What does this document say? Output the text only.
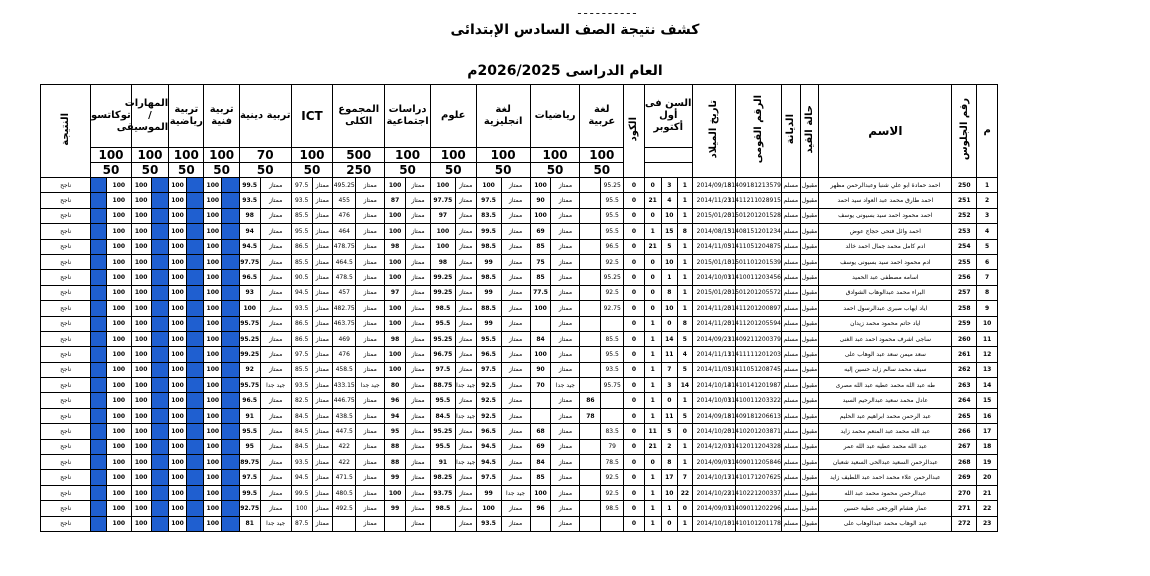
ـ ـ ـ ـ ـ ـ ـ ـ ـ ـ
كشف نتيجة الصف السادس الإبتدائى
العام الدراسى 2026/2025م
م	رقم الجلوس	الاسم	حالة القيد	الديانة	الرقم القومى	تاريخ الميلاد	السن فى أول أكتوبر			الكود	لغة عربية		رياضيات		لغة انجليزية		علوم		دراسات اجتماعية		المجموع الكلى		ICT		تربية دينية		تربية فنية		تربية رياضية		المهارات / الموسيقى		توكاتسو		النتيجة
											100		100		100		100		100		500		100		70		100		100		100		100		
											50		50		50		50		50		250		50		50		50		50		50		50		
1	250	احمد حمادة ابو علي شنبا وعبدالرحمن مظهر	مقبول	مسلم	31409181213579	2014/09/18	1	3	0	0	95.25		ممتاز	100	ممتاز	100	ممتاز	100	ممتاز	100	ممتاز	495.25	ممتاز	97.5	ممتاز	99.5		100		100		100	100		ناجح
2	251	احمد طارق محمد عبد العواد سيد احمد	مقبول	مسلم	31411211028915	2014/11/21	1	4	21	0	95.5		ممتاز	90	ممتاز	97.5	ممتاز	97.75	ممتاز	87	ممتاز	455	ممتاز	93.5	ممتاز	93.5		100		100		100	100		ناجح
3	252	احمد محمود احمد سيد بسيونى يوسف	مقبول	مسلم	31501201201528	2015/01/20	1	10	0	0	95.5		ممتاز	100	ممتاز	83.5	ممتاز	97	ممتاز	100	ممتاز	476	ممتاز	85.5	ممتاز	98		100		100		100	100		ناجح
4	253	احمد وائل فتحى حجاج عوض	مقبول	مسلم	31408151201234	2014/08/15	8	15	1	0	95.5		ممتاز	69	ممتاز	99.5	ممتاز	100	ممتاز	100	ممتاز	464	ممتاز	95.5	ممتاز	94		100		100		100	100		ناجح
5	254	ادم كامل محمد جمال احمد خالد	مقبول	مسلم	31411051204875	2014/11/05	1	5	21	0	96.5		ممتاز	85	ممتاز	98.5	ممتاز	100	ممتاز	98	ممتاز	478.75	ممتاز	86.5	ممتاز	94.5		100		100		100	100		ناجح
6	255	ادم محمود احمد سيد بسيونى يوسف	مقبول	مسلم	31501101201539	2015/01/10	1	10	0	0	92.5		ممتاز	75	ممتاز	99	ممتاز	98	ممتاز	100	ممتاز	464.5	ممتاز	85.5	ممتاز	97.75		100		100		100	100		ناجح
7	256	اسامه مصطفى عبد الحميد	مقبول	مسلم	31410011203456	2014/10/01	1	1	0	0	95.25		ممتاز	85	ممتاز	98.5	ممتاز	99.25	ممتاز	100	ممتاز	478.5	ممتاز	90.5	ممتاز	96.5		100		100		100	100		ناجح
8	257	البراء محمد عبدالوهاب الشوادق	مقبول	مسلم	31501201205572	2015/01/20	1	8	0	0	92.5		ممتاز	77.5	ممتاز	99	ممتاز	99.25	ممتاز	97	ممتاز	457	ممتاز	94.5	ممتاز	93		100		100		100	100		ناجح
9	258	اياد ايهاب صبرى عبدالرسول احمد	مقبول	مسلم	31411201200897	2014/11/20	1	10	0	0	92.75		ممتاز	100	ممتاز	88.5	ممتاز	98.5	ممتاز	100	ممتاز	482.75	ممتاز	93.5	ممتاز	100		100		100		100	100		ناجح
10	259	اياد حاتم محمود محمد زيدان	مقبول	مسلم	31411201205594	2014/11/20	8	0	1	0			ممتاز		ممتاز	99	ممتاز	95.5	ممتاز	100	ممتاز	463.75	ممتاز	86.5	ممتاز	95.75		100		100		100	100		ناجح
11	260	ساجى اشرف محمود احمد عبد الغنى	مقبول	مسلم	31409211200379	2014/09/21	5	14	1	0	85.5		ممتاز	84	ممتاز	95.5	ممتاز	95.25	ممتاز	98	ممتاز	469	ممتاز	86.5	ممتاز	95.25		100		100		100	100		ناجح
12	261	سعد ميمن سعد عبد الوهاب على	مقبول	مسلم	31411111201203	2014/11/11	4	11	1	0	95.5		ممتاز	100	ممتاز	96.5	ممتاز	96.75	ممتاز	100	ممتاز	476	ممتاز	97.5	ممتاز	99.25		100		100		100	100		ناجح
13	262	سيف محمد سالم زايد حسين إليه	مقبول	مسلم	31411051208745	2014/11/05	5	7	1	0	93.5		ممتاز	90	ممتاز	97.5	ممتاز	97.5	ممتاز	100	ممتاز	458.5	ممتاز	85.5	ممتاز	92		100		100		100	100		ناجح
14	263	طه عبد الله محمد عطيه عبد الله مصرى	مقبول	مسلم	31410141201987	2014/10/14	14	3	1	0	95.75		جيد جدا	70	ممتاز	92.5	جيد جدا	88.75	ممتاز	80	جيد جدا	433.15	ممتاز	93.5	جيد جدا	95.75		100		100		100	100		ناجح
15	264	عادل محمد سعيد عبدالرحيم السيد	مقبول	مسلم	31410011203322	2014/10/01	1	0	1	0		86	ممتاز		ممتاز	92.5	ممتاز	95.5	ممتاز	96	ممتاز	446.75	ممتاز	82.5	ممتاز	96.5		100		100		100	100		ناجح
16	265	عبد الرحمن محمد ابراهيم عبد الحليم	مقبول	مسلم	31409181206613	2014/09/18	5	11	1	0		78	ممتاز		ممتاز	92.5	جيد جدا	84.5	ممتاز	94	ممتاز	438.5	ممتاز	84.5	ممتاز	91		100		100		100	100		ناجح
17	266	عبد الله محمد عبد المنعم محمد زايد	مقبول	مسلم	31410201203871	2014/10/20	0	5	11	0	83.5		ممتاز	68	ممتاز	96.5	ممتاز	95.25	ممتاز	95	ممتاز	447.5	ممتاز	84.5	ممتاز	95.5		100		100		100	100		ناجح
18	267	عبد الله محمد عطيه عبد الله عمر	مقبول	مسلم	31412011204328	2014/12/01	1	2	21	0	79		ممتاز	69	ممتاز	94.5	ممتاز	95.5	ممتاز	88	ممتاز	422	ممتاز	84.5	ممتاز	95		100		100		100	100		ناجح
19	268	عبدالرحمن السعيد عبدالحى السعيد شعبان	مقبول	مسلم	31409011205846	2014/09/01	1	8	0	0	78.5		ممتاز	84	ممتاز	94.5	جيد جدا	91	ممتاز	88	ممتاز	422	ممتاز	93.5	ممتاز	89.75		100		100		100	100		ناجح
20	269	عبدالرحمن علاء محمد احمد عبد اللطيف زايد	مقبول	مسلم	31410171207625	2014/10/17	7	17	1	0	92.5		ممتاز	85	ممتاز	97.5	ممتاز	98.25	ممتاز	99	ممتاز	471.5	ممتاز	94.5	ممتاز	97.5		100		100		100	100		ناجح
21	270	عبدالرحمن محمود محمد عبد الله	مقبول	مسلم	31410221200337	2014/10/22	22	10	1	0	92.5		ممتاز	100	جيد جدا	99	ممتاز	93.75	ممتاز	100	ممتاز	480.5	ممتاز	99.5	ممتاز	99.5		100		100		100	100		ناجح
22	271	عمار هشام الورجعى عطية حسين	مقبول	مسلم	31409011202296	2014/09/01	0	1	1	0	98.5		ممتاز	96	ممتاز	100	ممتاز	98.5	ممتاز	99	ممتاز	492.5	ممتاز	100	ممتاز	92.75		100		100		100	100		ناجح
23	272	عبد الوهاب محمد عبدالوهاب على	مقبول	مسلم	31410101201178	2014/10/10	1	0	1	0			ممتاز		ممتاز	93.5	ممتاز		ممتاز		ممتاز		ممتاز	87.5	جيد جدا	81		100		100		100	100		ناجح
